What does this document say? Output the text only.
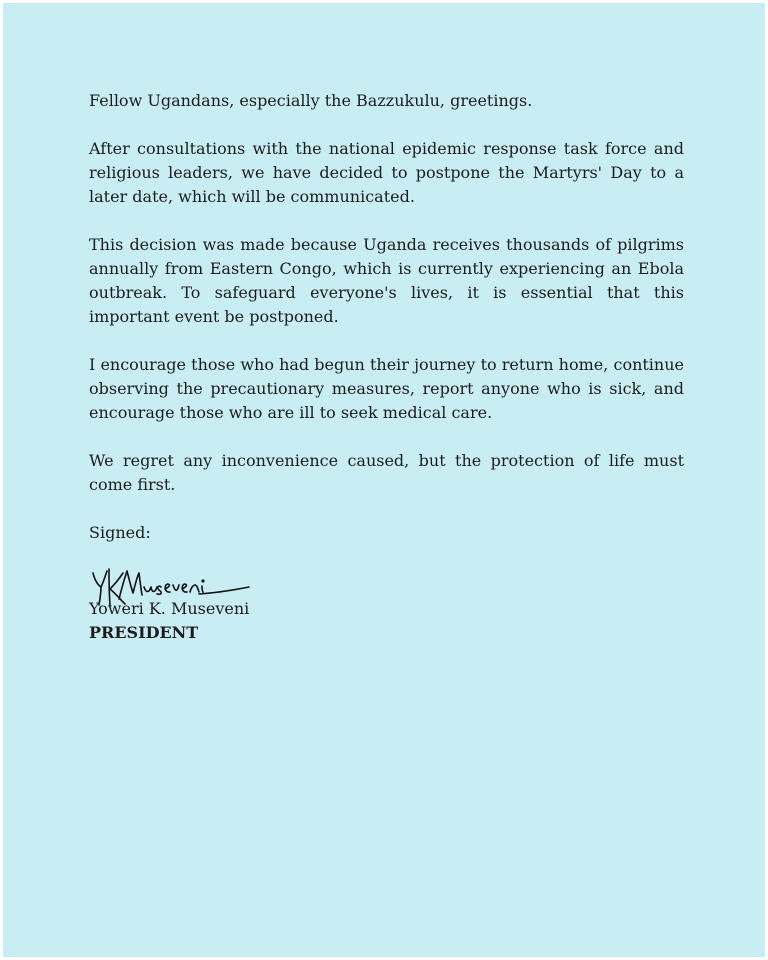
Fellow Ugandans, especially the Bazzukulu, greetings.

After consultations with the national epidemic response task force and religious leaders, we have decided to postpone the Martyrs' Day to a later date, which will be communicated.

This decision was made because Uganda receives thousands of pilgrims annually from Eastern Congo, which is currently experiencing an Ebola outbreak. To safeguard everyone's lives, it is essential that this important event be postponed.

I encourage those who had begun their journey to return home, continue observing the precautionary measures, report anyone who is sick, and encourage those who are ill to seek medical care.

We regret any inconvenience caused, but the protection of life must come first.

Signed:

Yoweri K. Museveni

PRESIDENT
